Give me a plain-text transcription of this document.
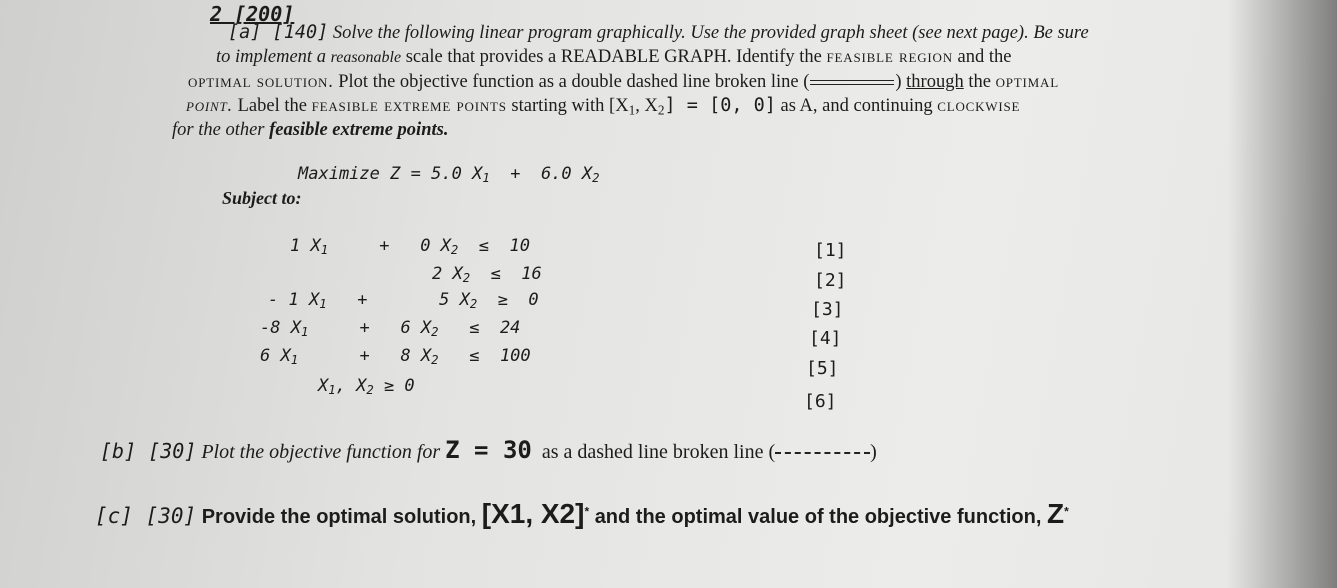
2 [200]
[a] [140] Solve the following linear program graphically. Use the provided graph sheet (see next page). Be sure
to implement a reasonable scale that provides a READABLE GRAPH. Identify the feasible region and the
optimal solution. Plot the objective function as a double dashed line broken line (	) through the optimal
point. Label the feasible extreme points starting with [$X_1$, $X_2] = [0$, 0] as A, and continuing clockwise
for the other feasible extreme points.
Maximize Z = 5.0 $X_1 + 6.0$ $X_2$
Subject to:
1 $X_1$     +   0 $X_2 \le 10$
2 $X_2 \le 16$
- 1 $X_1$   +       5 $X_2 \ge 0$
-8 $X_1$     +   6 $X_2 \le 24$
6 $X_1$      +   8 $X_2 \le 100$
$X_1$, $X_2 \ge 0$
[1]
[2]
[3]
[4]
[5]
[6]
[b] [30] Plot the objective function for Z = 30 as a dashed line broken line (	)
[c] [30] Provide the optimal solution, [X1, X2]* and the optimal value of the objective function, Z*
